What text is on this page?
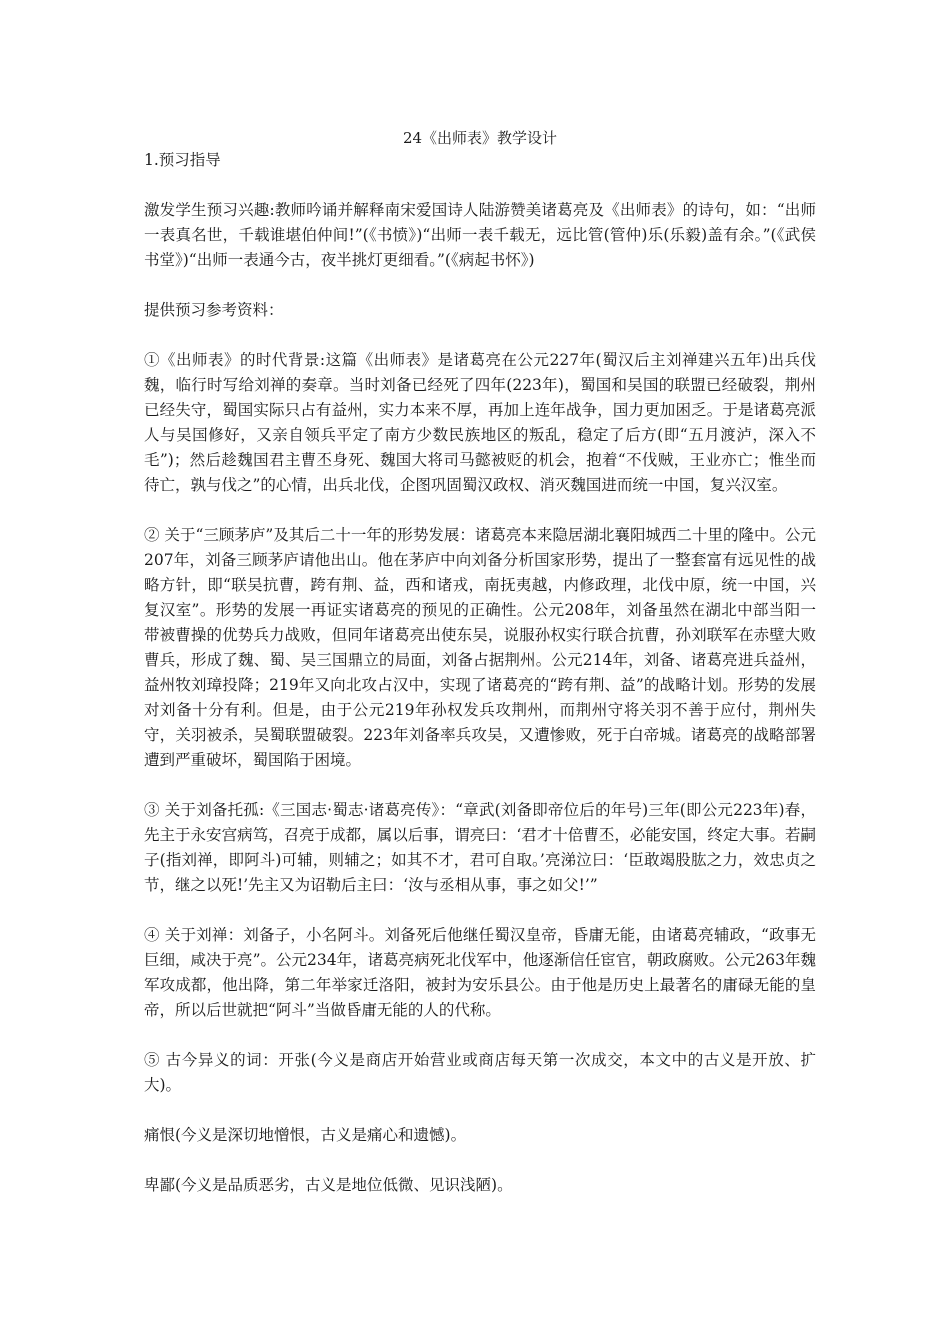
24《出师表》教学设计

1.预习指导

激发学生预习兴趣:教师吟诵并解释南宋爱国诗人陆游赞美诸葛亮及《出师表》的诗句，如：“出师一表真名世，千载谁堪伯仲间!”(《书愤》)“出师一表千载无，远比管(管仲)乐(乐毅)盖有余。”(《武侯书堂》)“出师一表通今古，夜半挑灯更细看。”(《病起书怀》)

提供预习参考资料：

①《出师表》的时代背景:这篇《出师表》是诸葛亮在公元227年(蜀汉后主刘禅建兴五年)出兵伐魏，临行时写给刘禅的奏章。当时刘备已经死了四年(223年)，蜀国和吴国的联盟已经破裂，荆州已经失守，蜀国实际只占有益州，实力本来不厚，再加上连年战争，国力更加困乏。于是诸葛亮派人与吴国修好，又亲自领兵平定了南方少数民族地区的叛乱，稳定了后方(即“五月渡泸，深入不毛”)；然后趁魏国君主曹丕身死、魏国大将司马懿被贬的机会，抱着“不伐贼，王业亦亡；惟坐而待亡，孰与伐之”的心情，出兵北伐，企图巩固蜀汉政权、消灭魏国进而统一中国，复兴汉室。

② 关于“三顾茅庐”及其后二十一年的形势发展：诸葛亮本来隐居湖北襄阳城西二十里的隆中。公元207年，刘备三顾茅庐请他出山。他在茅庐中向刘备分析国家形势，提出了一整套富有远见性的战略方针，即“联吴抗曹，跨有荆、益，西和诸戎，南抚夷越，内修政理，北伐中原，统一中国，兴复汉室”。形势的发展一再证实诸葛亮的预见的正确性。公元208年，刘备虽然在湖北中部当阳一带被曹操的优势兵力战败，但同年诸葛亮出使东吴，说服孙权实行联合抗曹，孙刘联军在赤壁大败曹兵，形成了魏、蜀、吴三国鼎立的局面，刘备占据荆州。公元214年，刘备、诸葛亮进兵益州，益州牧刘璋投降；219年又向北攻占汉中，实现了诸葛亮的“跨有荆、益”的战略计划。形势的发展对刘备十分有利。但是，由于公元219年孙权发兵攻荆州，而荆州守将关羽不善于应付，荆州失守，关羽被杀，吴蜀联盟破裂。223年刘备率兵攻吴，又遭惨败，死于白帝城。诸葛亮的战略部署遭到严重破坏，蜀国陷于困境。

③ 关于刘备托孤:《三国志·蜀志·诸葛亮传》：“章武(刘备即帝位后的年号)三年(即公元223年)春，先主于永安宫病笃，召亮于成都，属以后事，谓亮曰：‘君才十倍曹丕，必能安国，终定大事。若嗣子(指刘禅，即阿斗)可辅，则辅之；如其不才，君可自取。’亮涕泣曰：‘臣敢竭股肱之力，效忠贞之节，继之以死!’先主又为诏勒后主曰：‘汝与丞相从事，事之如父!’”

④ 关于刘禅：刘备子，小名阿斗。刘备死后他继任蜀汉皇帝，昏庸无能，由诸葛亮辅政，“政事无巨细，咸决于亮”。公元234年，诸葛亮病死北伐军中，他逐渐信任宦官，朝政腐败。公元263年魏军攻成都，他出降，第二年举家迁洛阳，被封为安乐县公。由于他是历史上最著名的庸碌无能的皇帝，所以后世就把“阿斗”当做昏庸无能的人的代称。

⑤ 古今异义的词：开张(今义是商店开始营业或商店每天第一次成交，本文中的古义是开放、扩大)。

痛恨(今义是深切地憎恨，古义是痛心和遗憾)。

卑鄙(今义是品质恶劣，古义是地位低微、见识浅陋)。
